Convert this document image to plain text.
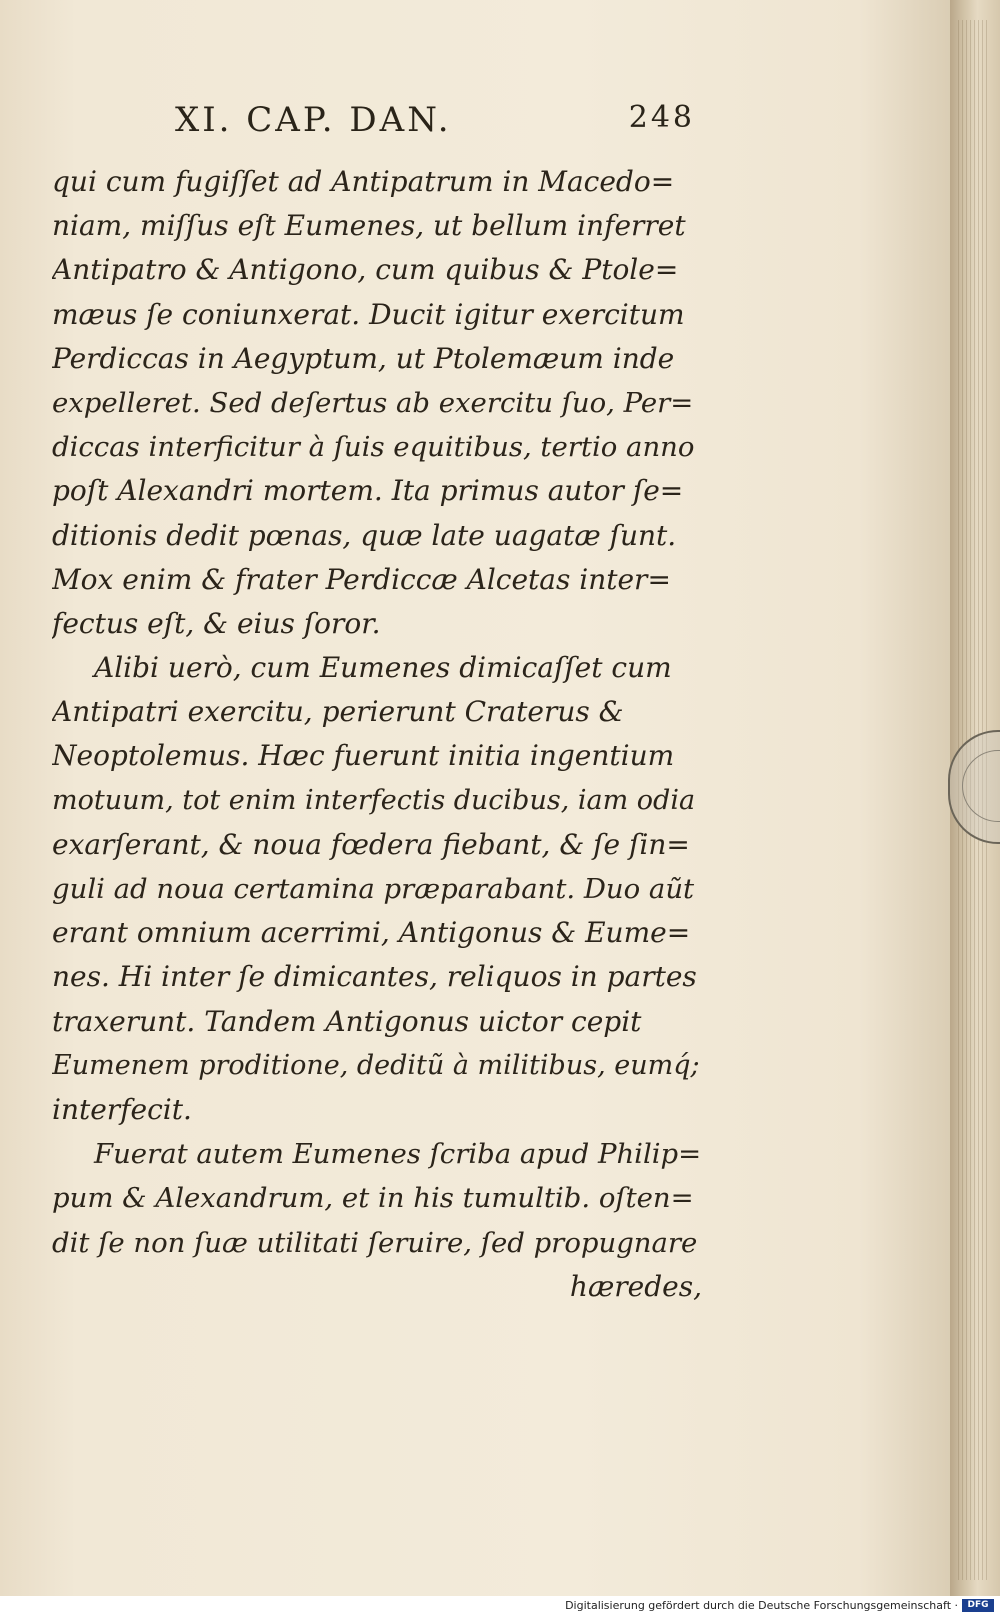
XI. CAP. DAN.	248
qui cum fugiſſet ad Antipatrum in Macedo=
niam, miſſus eſt Eumenes, ut bellum inferret
Antipatro & Antigono, cum quibus & Ptole=
mæus ſe coniunxerat. Ducit igitur exercitum
Perdiccas in Aegyptum, ut Ptolemæum inde
expelleret. Sed deſertus ab exercitu ſuo, Per=
diccas interficitur à ſuis equitibus, tertio anno
poſt Alexandri mortem. Ita primus autor ſe=
ditionis dedit pœnas, quæ late uagatæ ſunt.
Mox enim & frater Perdiccæ Alcetas inter=
fectus eſt, & eius ſoror.
Alibi uerò, cum Eumenes dimicaſſet cum
Antipatri exercitu, perierunt Craterus &
Neoptolemus. Hæc fuerunt initia ingentium
motuum, tot enim interfectis ducibus, iam odia
exarſerant, & noua fœdera fiebant, & ſe ſin=
guli ad noua certamina præparabant. Duo aũt
erant omnium acerrimi, Antigonus & Eume=
nes. Hi inter ſe dimicantes, reliquos in partes
traxerunt. Tandem Antigonus uictor cepit
Eumenem proditione, deditũ à militibus, eumq́;
interfecit.
Fuerat autem Eumenes ſcriba apud Philip=
pum & Alexandrum, et in his tumultib. oſten=
dit ſe non ſuæ utilitati ſeruire, ſed propugnare
hæredes,
Digitalisierung gefördert durch die Deutsche Forschungsgemeinschaft ·	DFG
